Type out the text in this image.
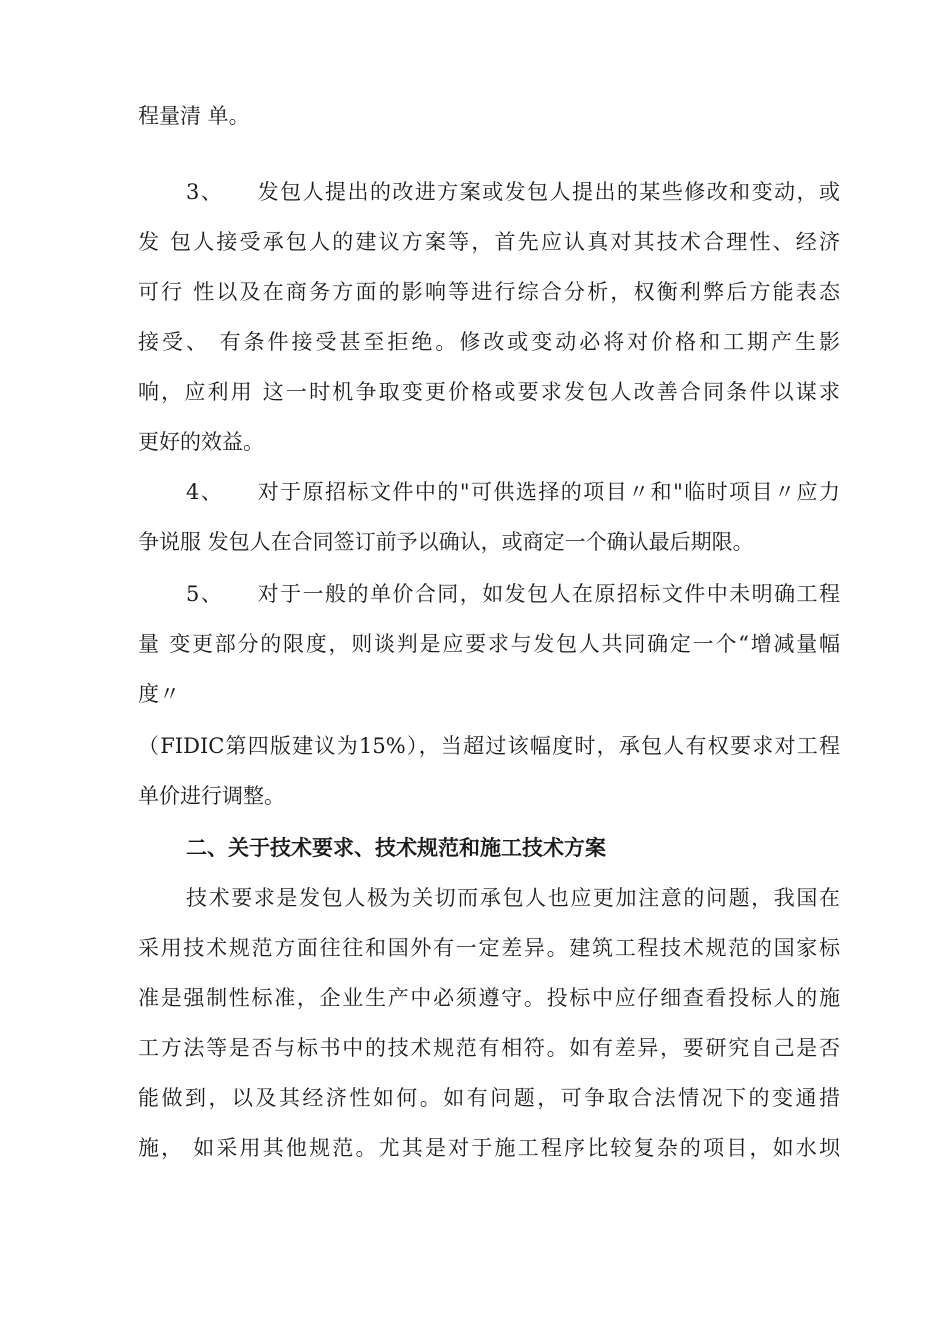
程量清 单。
3、　　发包人提出的改进方案或发包人提出的某些修改和变动，或
发 包人接受承包人的建议方案等，首先应认真对其技术合理性、经济
可行 性以及在商务方面的影响等进行综合分析，权衡利弊后方能表态
接受、 有条件接受甚至拒绝。修改或变动必将对价格和工期产生影
响，应利用 这一时机争取变更价格或要求发包人改善合同条件以谋求
更好的效益。
4、　　对于原招标文件中的"可供选择的项目〃和"临时项目〃应力
争说服 发包人在合同签订前予以确认，或商定一个确认最后期限。
5、　　对于一般的单价合同，如发包人在原招标文件中未明确工程
量 变更部分的限度，则谈判是应要求与发包人共同确定一个“增减量幅
度〃
（FIDIC第四版建议为15%），当超过该幅度时，承包人有权要求对工程
单价进行调整。
二、关于技术要求、技术规范和施工技术方案
技术要求是发包人极为关切而承包人也应更加注意的问题，我国在
采用技术规范方面往往和国外有一定差异。建筑工程技术规范的国家标
准是强制性标准，企业生产中必须遵守。投标中应仔细查看投标人的施
工方法等是否与标书中的技术规范有相符。如有差异，要研究自己是否
能做到，以及其经济性如何。如有问题，可争取合法情况下的变通措
施， 如采用其他规范。尤其是对于施工程序比较复杂的项目，如水坝
